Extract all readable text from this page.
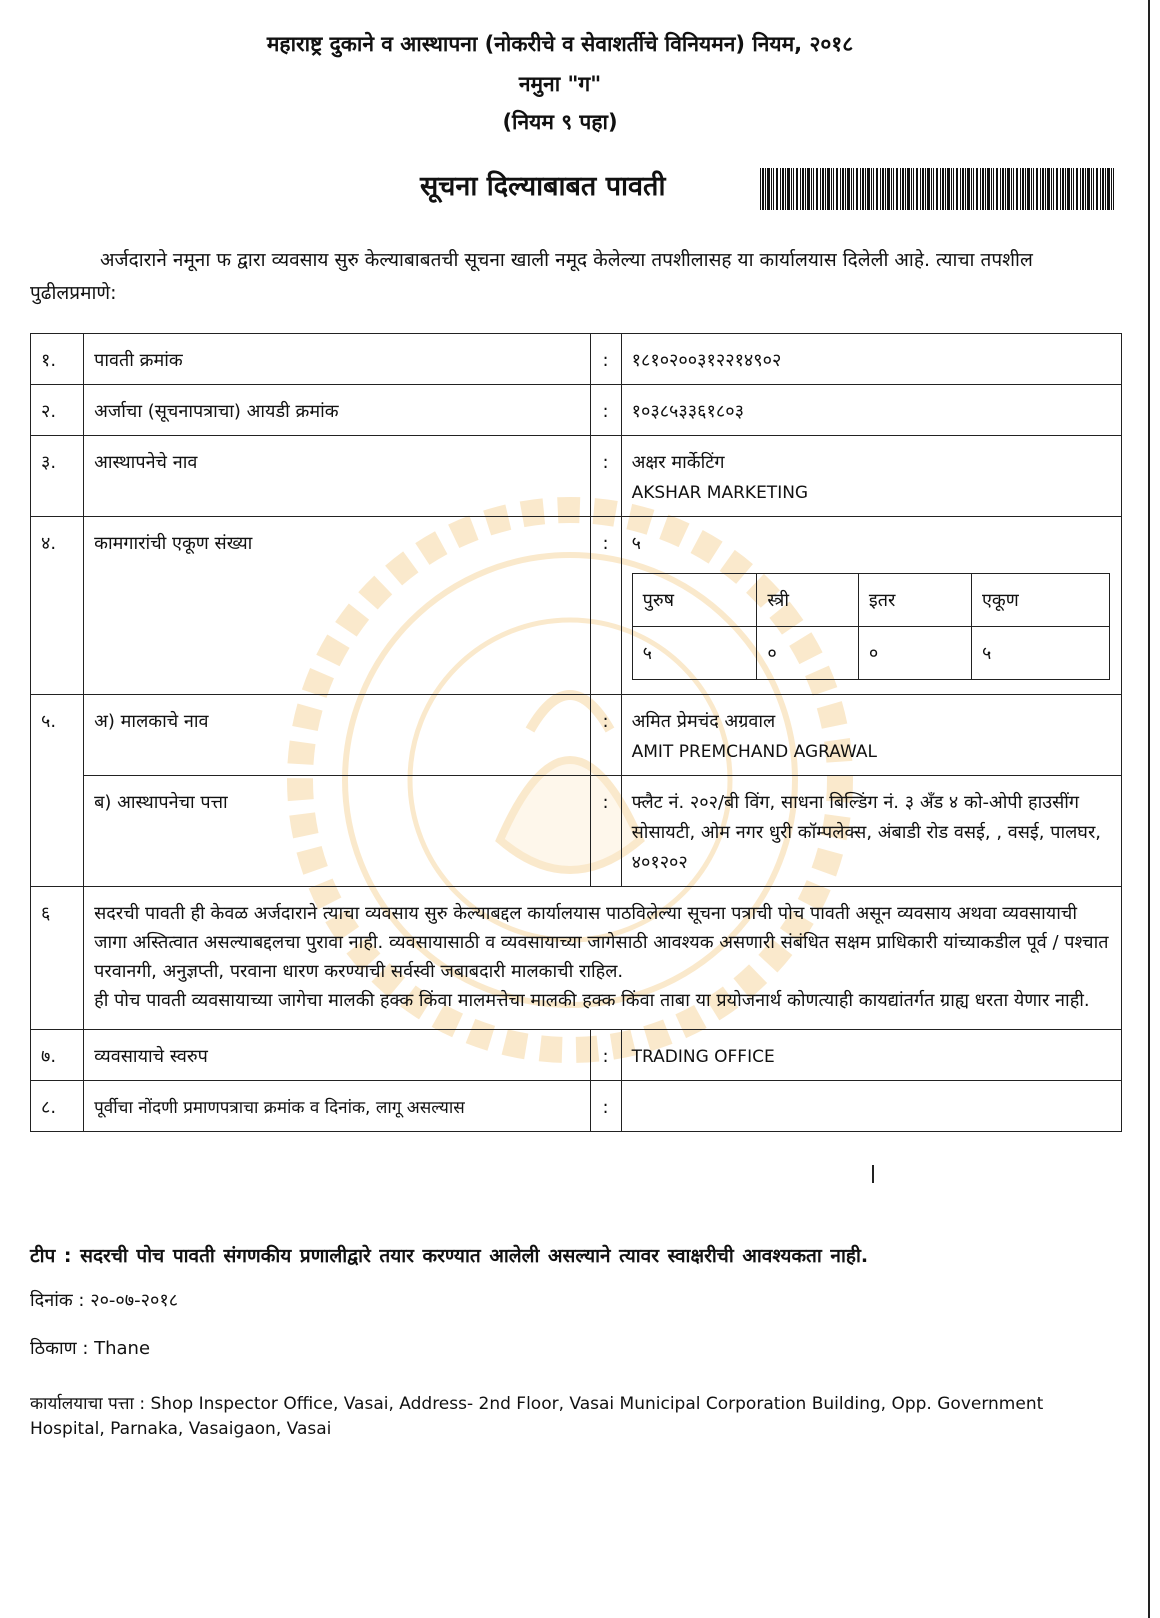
महाराष्ट्र दुकाने व आस्थापना (नोकरीचे व सेवाशर्तीचे विनियमन) नियम, २०१८
नमुना "ग"
(नियम ९ पहा)
सूचना दिल्याबाबत पावती
अर्जदाराने नमूना फ द्वारा व्यवसाय सुरु केल्याबाबतची सूचना खाली नमूद केलेल्या तपशीलासह या कार्यालयास दिलेली आहे. त्याचा तपशील पुढीलप्रमाणे:
१.	पावती क्रमांक	:	१८१०२००३१२२१४९०२
२.	अर्जाचा (सूचनापत्राचा) आयडी क्रमांक	:	१०३८५३३६१८०३
३.	आस्थापनेचे नाव	:	अक्षर मार्केटिंग
AKSHAR MARKETING

४.	कामगारांची एकूण संख्या	:	५
पुरुष	स्त्री	इतर	एकूण
५	०	०	५

५.	अ) मालकाचे नाव	:	अमित प्रेमचंद अग्रवाल
AMIT PREMCHAND AGRAWAL

ब) आस्थापनेचा पत्ता	:	फ्लैट नं. २०२/बी विंग, साधना बिल्डिंग नं. ३ अँड ४ को-ओपी हाउसींग सोसायटी, ओम नगर धुरी कॉम्पलेक्स, अंबाडी रोड वसई, , वसई, पालघर, ४०१२०२
६	सदरची पावती ही केवळ अर्जदाराने त्याचा व्यवसाय सुरु केल्याबद्दल कार्यालयास पाठविलेल्या सूचना पत्राची पोच पावती असून व्यवसाय अथवा व्यवसायाची जागा अस्तित्वात असल्याबद्दलचा पुरावा नाही. व्यवसायासाठी व व्यवसायाच्या जागेसाठी आवश्यक असणारी संबंधित सक्षम प्राधिकारी यांच्याकडील पूर्व / पश्चात परवानगी, अनुज्ञप्ती, परवाना धारण करण्याची सर्वस्वी जबाबदारी मालकाची राहिल.
ही पोच पावती व्यवसायाच्या जागेचा मालकी हक्क किंवा मालमत्तेचा मालकी हक्क किंवा ताबा या प्रयोजनार्थ कोणत्याही कायद्यांतर्गत ग्राह्य धरता येणार नाही.

७.	व्यवसायाचे स्वरुप	:	TRADING OFFICE
८.	पूर्वीचा नोंदणी प्रमाणपत्राचा क्रमांक व दिनांक, लागू असल्यास	:	
टीप : सदरची पोच पावती संगणकीय प्रणालीद्वारे तयार करण्यात आलेली असल्याने त्यावर स्वाक्षरीची आवश्यकता नाही.
दिनांक : २०-०७-२०१८
ठिकाण : Thane
कार्यालयाचा पत्ता : Shop Inspector Office, Vasai, Address- 2nd Floor, Vasai Municipal Corporation Building, Opp. Government Hospital, Parnaka, Vasaigaon, Vasai
